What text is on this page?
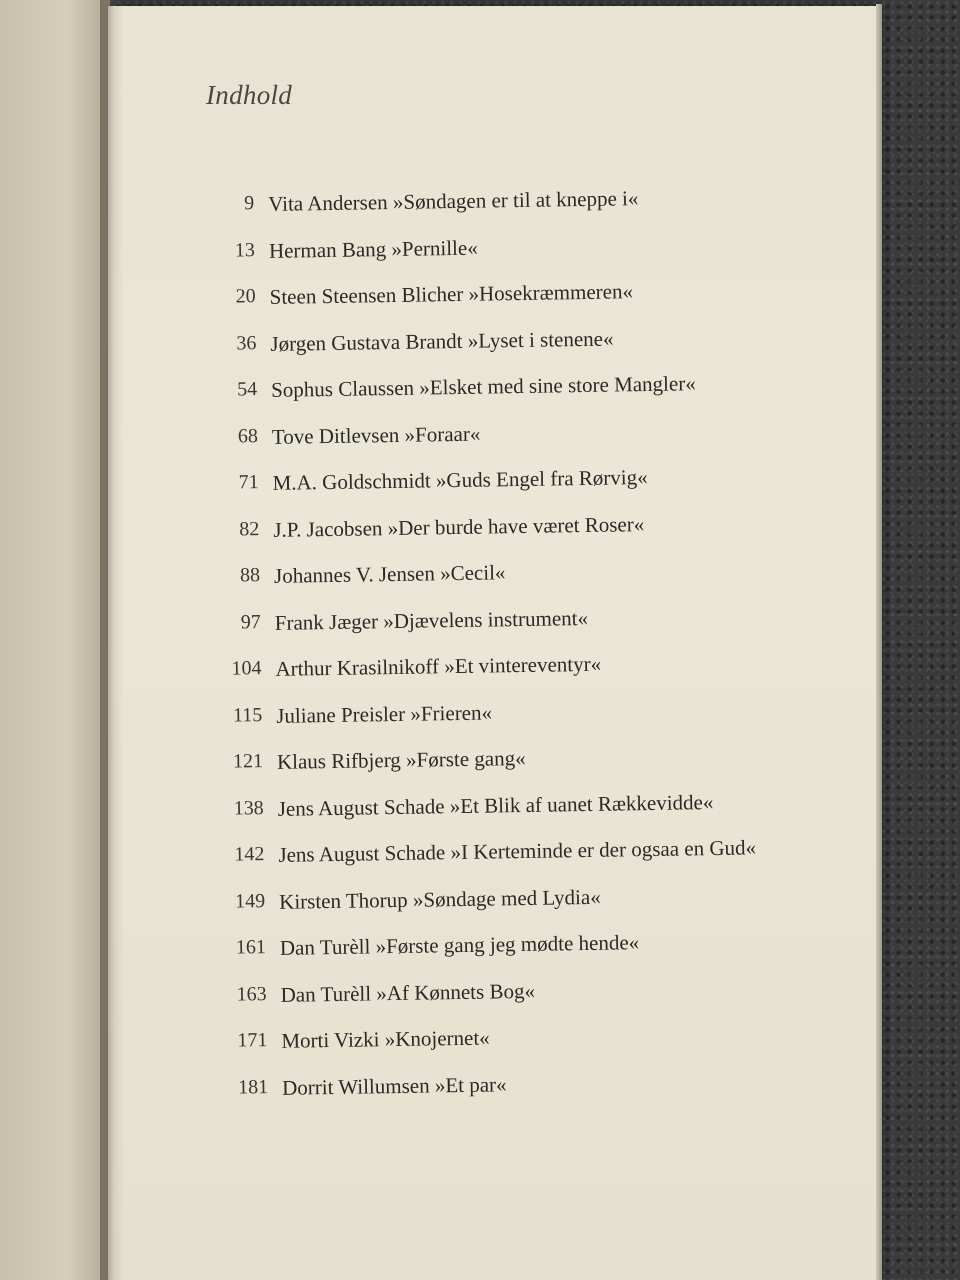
Indhold
9 Vita Andersen »Søndagen er til at kneppe i«
13 Herman Bang »Pernille«
20 Steen Steensen Blicher »Hosekræmmeren«
36 Jørgen Gustava Brandt »Lyset i stenene«
54 Sophus Claussen »Elsket med sine store Mangler«
68 Tove Ditlevsen »Foraar«
71 M.A. Goldschmidt »Guds Engel fra Rørvig«
82 J.P. Jacobsen »Der burde have været Roser«
88 Johannes V. Jensen »Cecil«
97 Frank Jæger »Djævelens instrument«
104 Arthur Krasilnikoff »Et vintereventyr«
115 Juliane Preisler »Frieren«
121 Klaus Rifbjerg »Første gang«
138 Jens August Schade »Et Blik af uanet Rækkevidde«
142 Jens August Schade »I Kerteminde er der ogsaa en Gud«
149 Kirsten Thorup »Søndage med Lydia«
161 Dan Turèll »Første gang jeg mødte hende«
163 Dan Turèll »Af Kønnets Bog«
171 Morti Vizki »Knojernet«
181 Dorrit Willumsen »Et par«
